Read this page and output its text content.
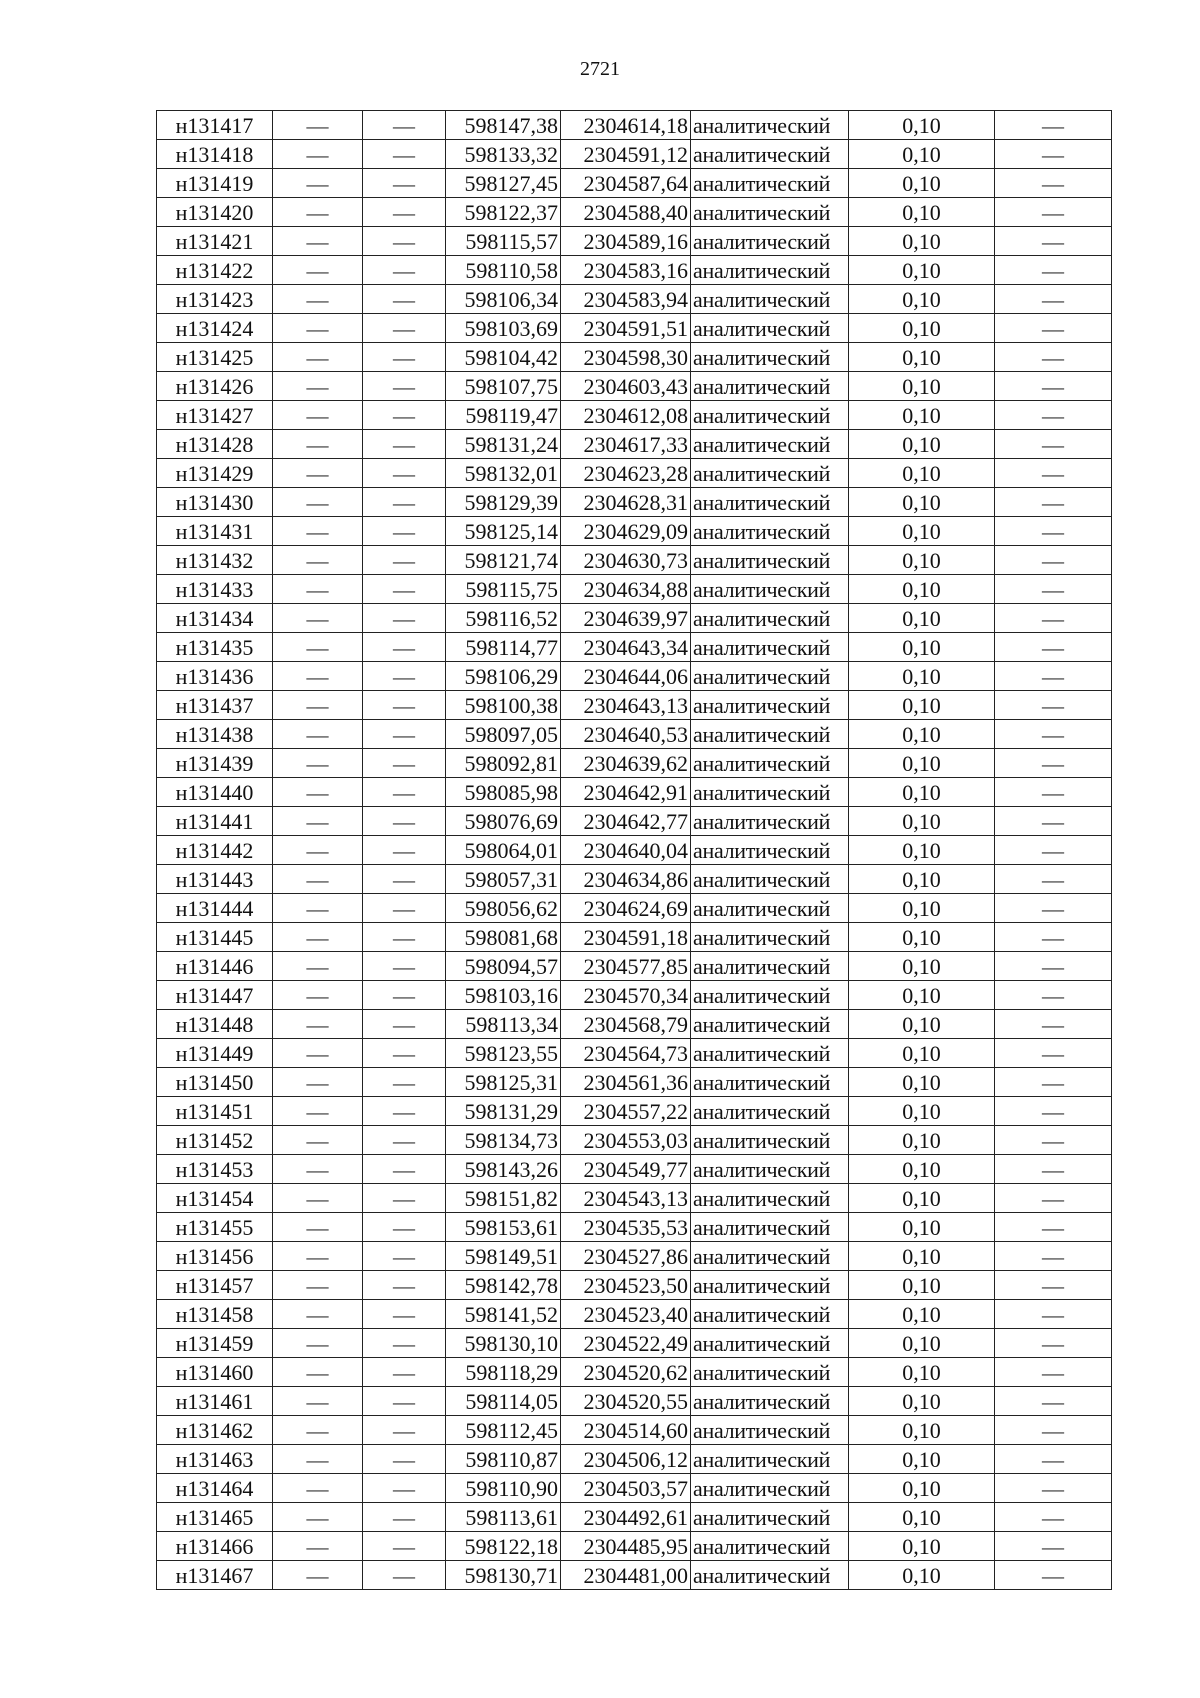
2721
н131417	—	—	598147,38	2304614,18	аналитический	0,10	—
н131418	—	—	598133,32	2304591,12	аналитический	0,10	—
н131419	—	—	598127,45	2304587,64	аналитический	0,10	—
н131420	—	—	598122,37	2304588,40	аналитический	0,10	—
н131421	—	—	598115,57	2304589,16	аналитический	0,10	—
н131422	—	—	598110,58	2304583,16	аналитический	0,10	—
н131423	—	—	598106,34	2304583,94	аналитический	0,10	—
н131424	—	—	598103,69	2304591,51	аналитический	0,10	—
н131425	—	—	598104,42	2304598,30	аналитический	0,10	—
н131426	—	—	598107,75	2304603,43	аналитический	0,10	—
н131427	—	—	598119,47	2304612,08	аналитический	0,10	—
н131428	—	—	598131,24	2304617,33	аналитический	0,10	—
н131429	—	—	598132,01	2304623,28	аналитический	0,10	—
н131430	—	—	598129,39	2304628,31	аналитический	0,10	—
н131431	—	—	598125,14	2304629,09	аналитический	0,10	—
н131432	—	—	598121,74	2304630,73	аналитический	0,10	—
н131433	—	—	598115,75	2304634,88	аналитический	0,10	—
н131434	—	—	598116,52	2304639,97	аналитический	0,10	—
н131435	—	—	598114,77	2304643,34	аналитический	0,10	—
н131436	—	—	598106,29	2304644,06	аналитический	0,10	—
н131437	—	—	598100,38	2304643,13	аналитический	0,10	—
н131438	—	—	598097,05	2304640,53	аналитический	0,10	—
н131439	—	—	598092,81	2304639,62	аналитический	0,10	—
н131440	—	—	598085,98	2304642,91	аналитический	0,10	—
н131441	—	—	598076,69	2304642,77	аналитический	0,10	—
н131442	—	—	598064,01	2304640,04	аналитический	0,10	—
н131443	—	—	598057,31	2304634,86	аналитический	0,10	—
н131444	—	—	598056,62	2304624,69	аналитический	0,10	—
н131445	—	—	598081,68	2304591,18	аналитический	0,10	—
н131446	—	—	598094,57	2304577,85	аналитический	0,10	—
н131447	—	—	598103,16	2304570,34	аналитический	0,10	—
н131448	—	—	598113,34	2304568,79	аналитический	0,10	—
н131449	—	—	598123,55	2304564,73	аналитический	0,10	—
н131450	—	—	598125,31	2304561,36	аналитический	0,10	—
н131451	—	—	598131,29	2304557,22	аналитический	0,10	—
н131452	—	—	598134,73	2304553,03	аналитический	0,10	—
н131453	—	—	598143,26	2304549,77	аналитический	0,10	—
н131454	—	—	598151,82	2304543,13	аналитический	0,10	—
н131455	—	—	598153,61	2304535,53	аналитический	0,10	—
н131456	—	—	598149,51	2304527,86	аналитический	0,10	—
н131457	—	—	598142,78	2304523,50	аналитический	0,10	—
н131458	—	—	598141,52	2304523,40	аналитический	0,10	—
н131459	—	—	598130,10	2304522,49	аналитический	0,10	—
н131460	—	—	598118,29	2304520,62	аналитический	0,10	—
н131461	—	—	598114,05	2304520,55	аналитический	0,10	—
н131462	—	—	598112,45	2304514,60	аналитический	0,10	—
н131463	—	—	598110,87	2304506,12	аналитический	0,10	—
н131464	—	—	598110,90	2304503,57	аналитический	0,10	—
н131465	—	—	598113,61	2304492,61	аналитический	0,10	—
н131466	—	—	598122,18	2304485,95	аналитический	0,10	—
н131467	—	—	598130,71	2304481,00	аналитический	0,10	—
